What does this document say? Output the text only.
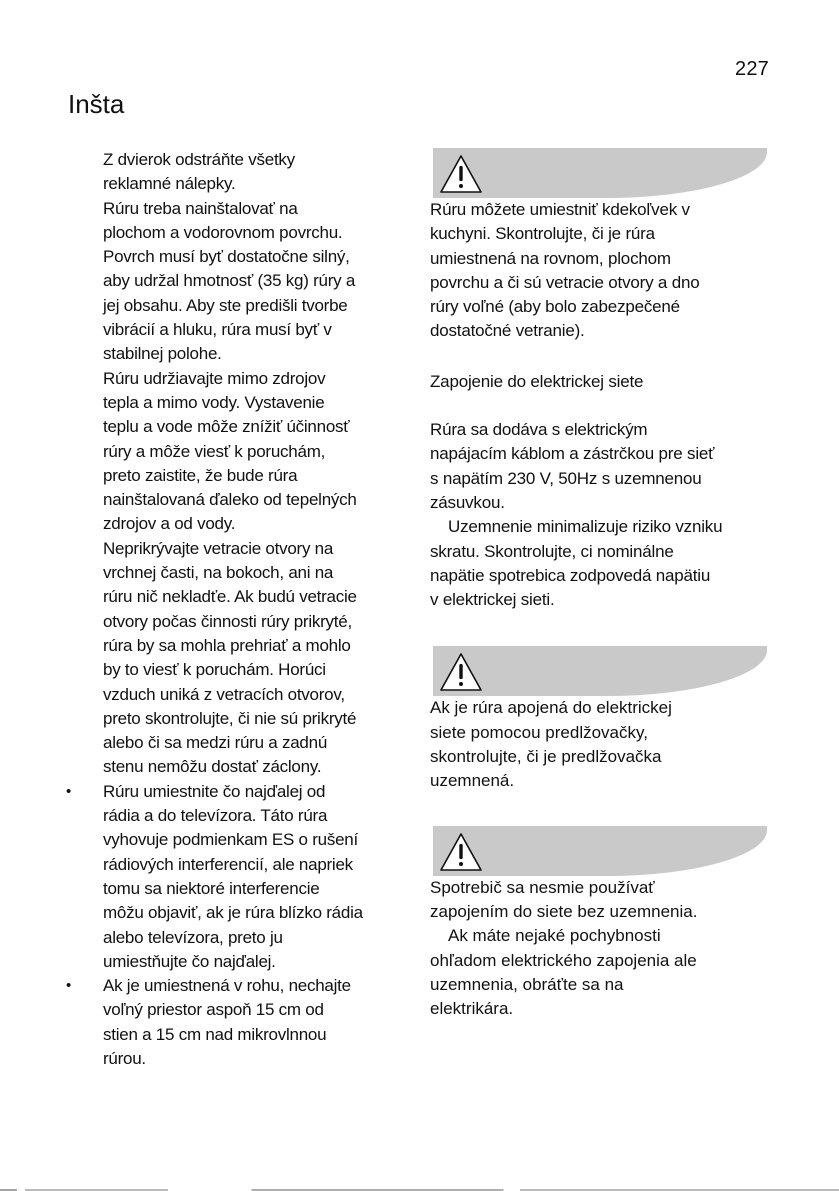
227
Inšta

Z dvierok odstráňte všetky
reklamné nálepky.

Rúru treba nainštalovať na
plochom a vodorovnom povrchu.
Povrch musí byť dostatočne silný,
aby udržal hmotnosť (35 kg) rúry a
jej obsahu. Aby ste predišli tvorbe
vibrácií a hluku, rúra musí byť v
stabilnej polohe.

Rúru udržiavajte mimo zdrojov
tepla a mimo vody. Vystavenie
teplu a vode môže znížiť účinnosť
rúry a môže viesť k poruchám,
preto zaistite, že bude rúra
nainštalovaná ďaleko od tepelných
zdrojov a od vody.

Neprikrývajte vetracie otvory na
vrchnej časti, na bokoch, ani na
rúru nič nekladťe. Ak budú vetracie
otvory počas činnosti rúry prikryté,
rúra by sa mohla prehriať a mohlo
by to viesť k poruchám. Horúci
vzduch uniká z vetracích otvorov,
preto skontrolujte, či nie sú prikryté
alebo či sa medzi rúru a zadnú
stenu nemôžu dostať záclony.

• Rúru umiestnite čo najďalej od
rádia a do televízora. Táto rúra
vyhovuje podmienkam ES o rušení
rádiových interferencií, ale napriek
tomu sa niektoré interferencie
môžu objaviť, ak je rúra blízko rádia
alebo televízora, preto ju
umiestňujte čo najďalej.

• Ak je umiestnená v rohu, nechajte
voľný priestor aspoň 15 cm od
stien a 15 cm nad mikrovlnnou
rúrou.

Rúru môžete umiestniť kdekoľvek v
kuchyni. Skontrolujte, či je rúra
umiestnená na rovnom, plochom
povrchu a či sú vetracie otvory a dno
rúry voľné (aby bolo zabezpečené
dostatočné vetranie).

Zapojenie do elektrickej siete

Rúra sa dodáva s elektrickým
napájacím káblom a zástrčkou pre sieť
s napätím 230 V, 50Hz s uzemnenou
zásuvkou.

Uzemnenie minimalizuje riziko vzniku
skratu. Skontrolujte, ci nominálne
napätie spotrebica zodpovedá napätiu
v elektrickej sieti.

Ak je rúra apojená do elektrickej
siete pomocou predlžovačky,
skontrolujte, či je predlžovačka
uzemnená.

Spotrebič sa nesmie používať
zapojením do siete bez uzemnenia.

Ak máte nejaké pochybnosti
ohľadom elektrického zapojenia ale
uzemnenia, obráťte sa na
elektrikára.
